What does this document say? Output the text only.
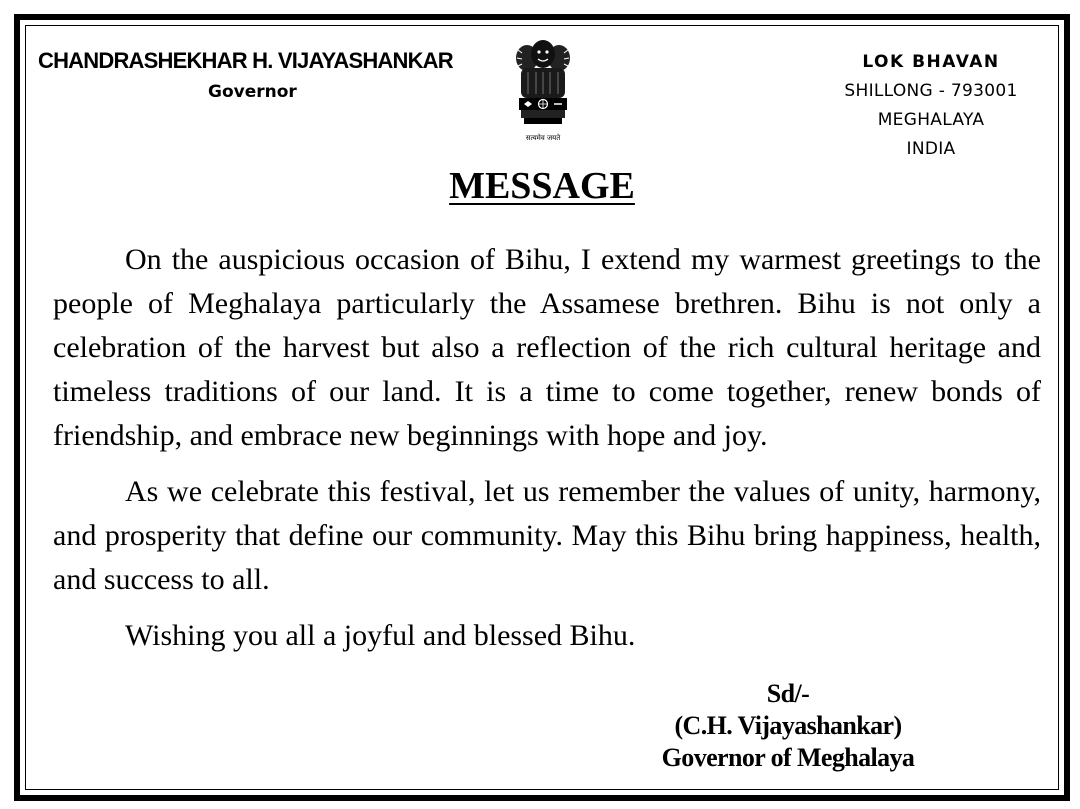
CHANDRASHEKHAR H. VIJAYASHANKAR
Governor
सत्यमेव जयते
LOK BHAVAN
SHILLONG - 793001
MEGHALAYA
INDIA
MESSAGE

On the auspicious occasion of Bihu, I extend my warmest greetings to the people of Meghalaya particularly the Assamese brethren. Bihu is not only a celebration of the harvest but also a reflection of the rich cultural heritage and timeless traditions of our land. It is a time to come together, renew bonds of friendship, and embrace new beginnings with hope and joy.

As we celebrate this festival, let us remember the values of unity, harmony, and prosperity that define our community. May this Bihu bring happiness, health, and success to all.

Wishing you all a joyful and blessed Bihu.

Sd/-
(C.H. Vijayashankar)
Governor of Meghalaya
